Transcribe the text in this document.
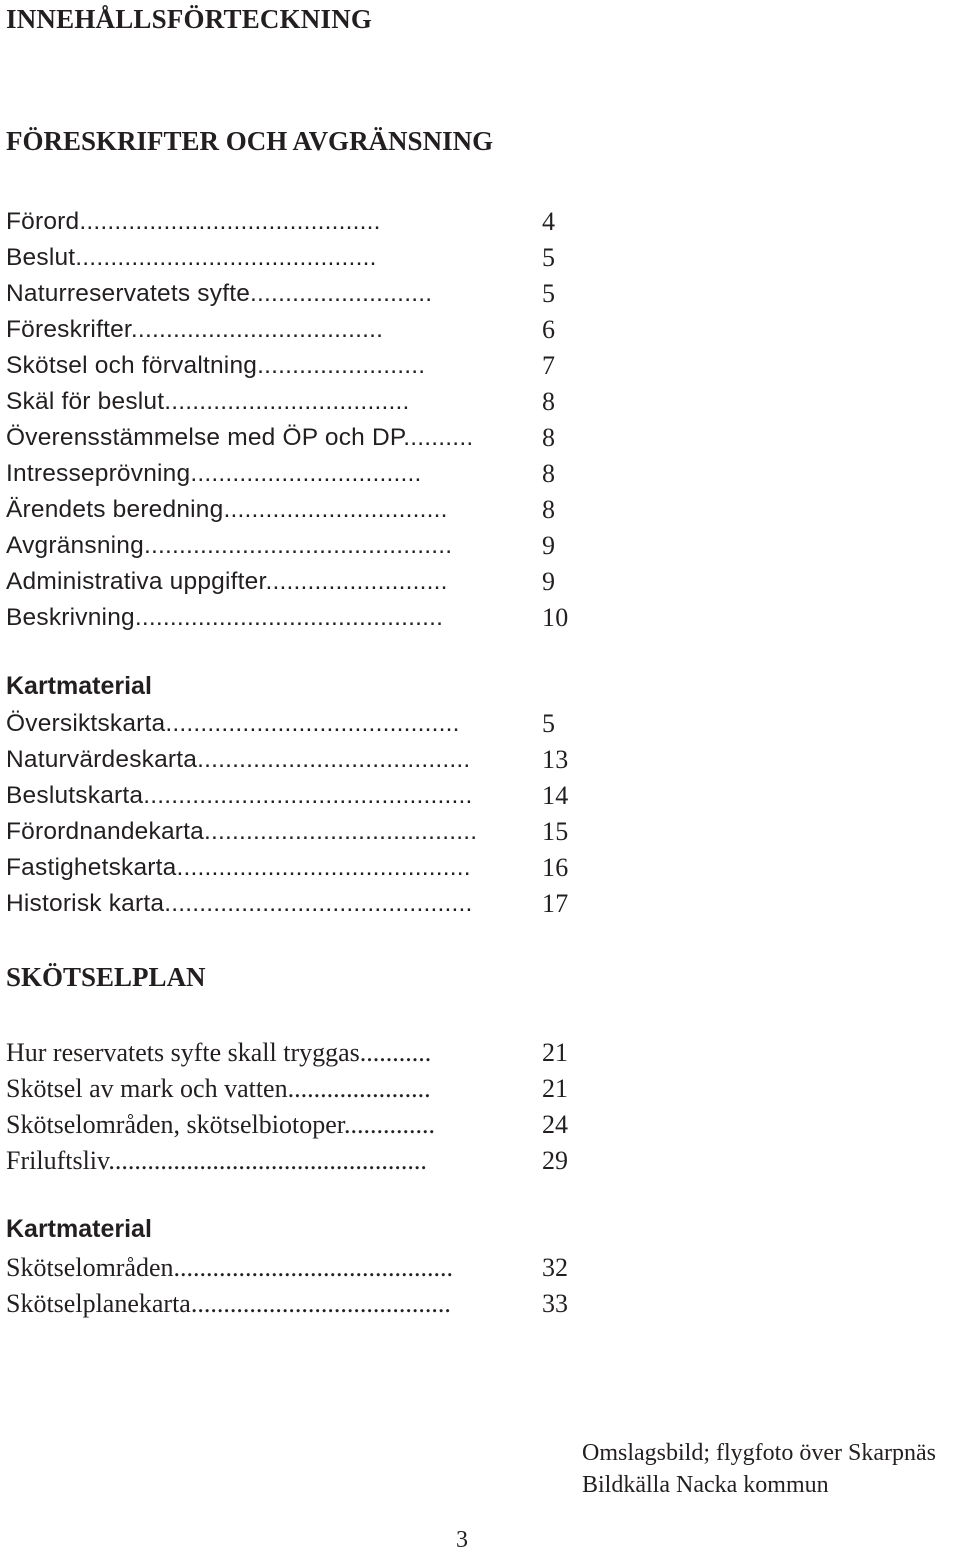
INNEHÅLLSFÖRTECKNING
FÖRESKRIFTER OCH AVGRÄNSNING
Förord...........................................	4
Beslut...........................................	5
Naturreservatets syfte..........................	5
Föreskrifter....................................	6
Skötsel och förvaltning........................	7
Skäl för beslut...................................	8
Överensstämmelse med ÖP och DP..........	8
Intresseprövning.................................	8
Ärendets beredning................................	8
Avgränsning............................................	9
Administrativa uppgifter..........................	9
Beskrivning............................................	10
Kartmaterial
Översiktskarta..........................................	5
Naturvärdeskarta.......................................	13
Beslutskarta...............................................	14
Förordnandekarta....................................... 15
Fastighetskarta..........................................	16
Historisk karta............................................	17
SKÖTSELPLAN
Hur reservatets syfte skall tryggas...........	21
Skötsel av mark och vatten......................	21
Skötselområden, skötselbiotoper..............	24
Friluftsliv.................................................	29
Kartmaterial
Skötselområden...........................................	32
Skötselplanekarta........................................	33
Omslagsbild; flygfoto över Skarpnäs
Bildkälla Nacka kommun
3
